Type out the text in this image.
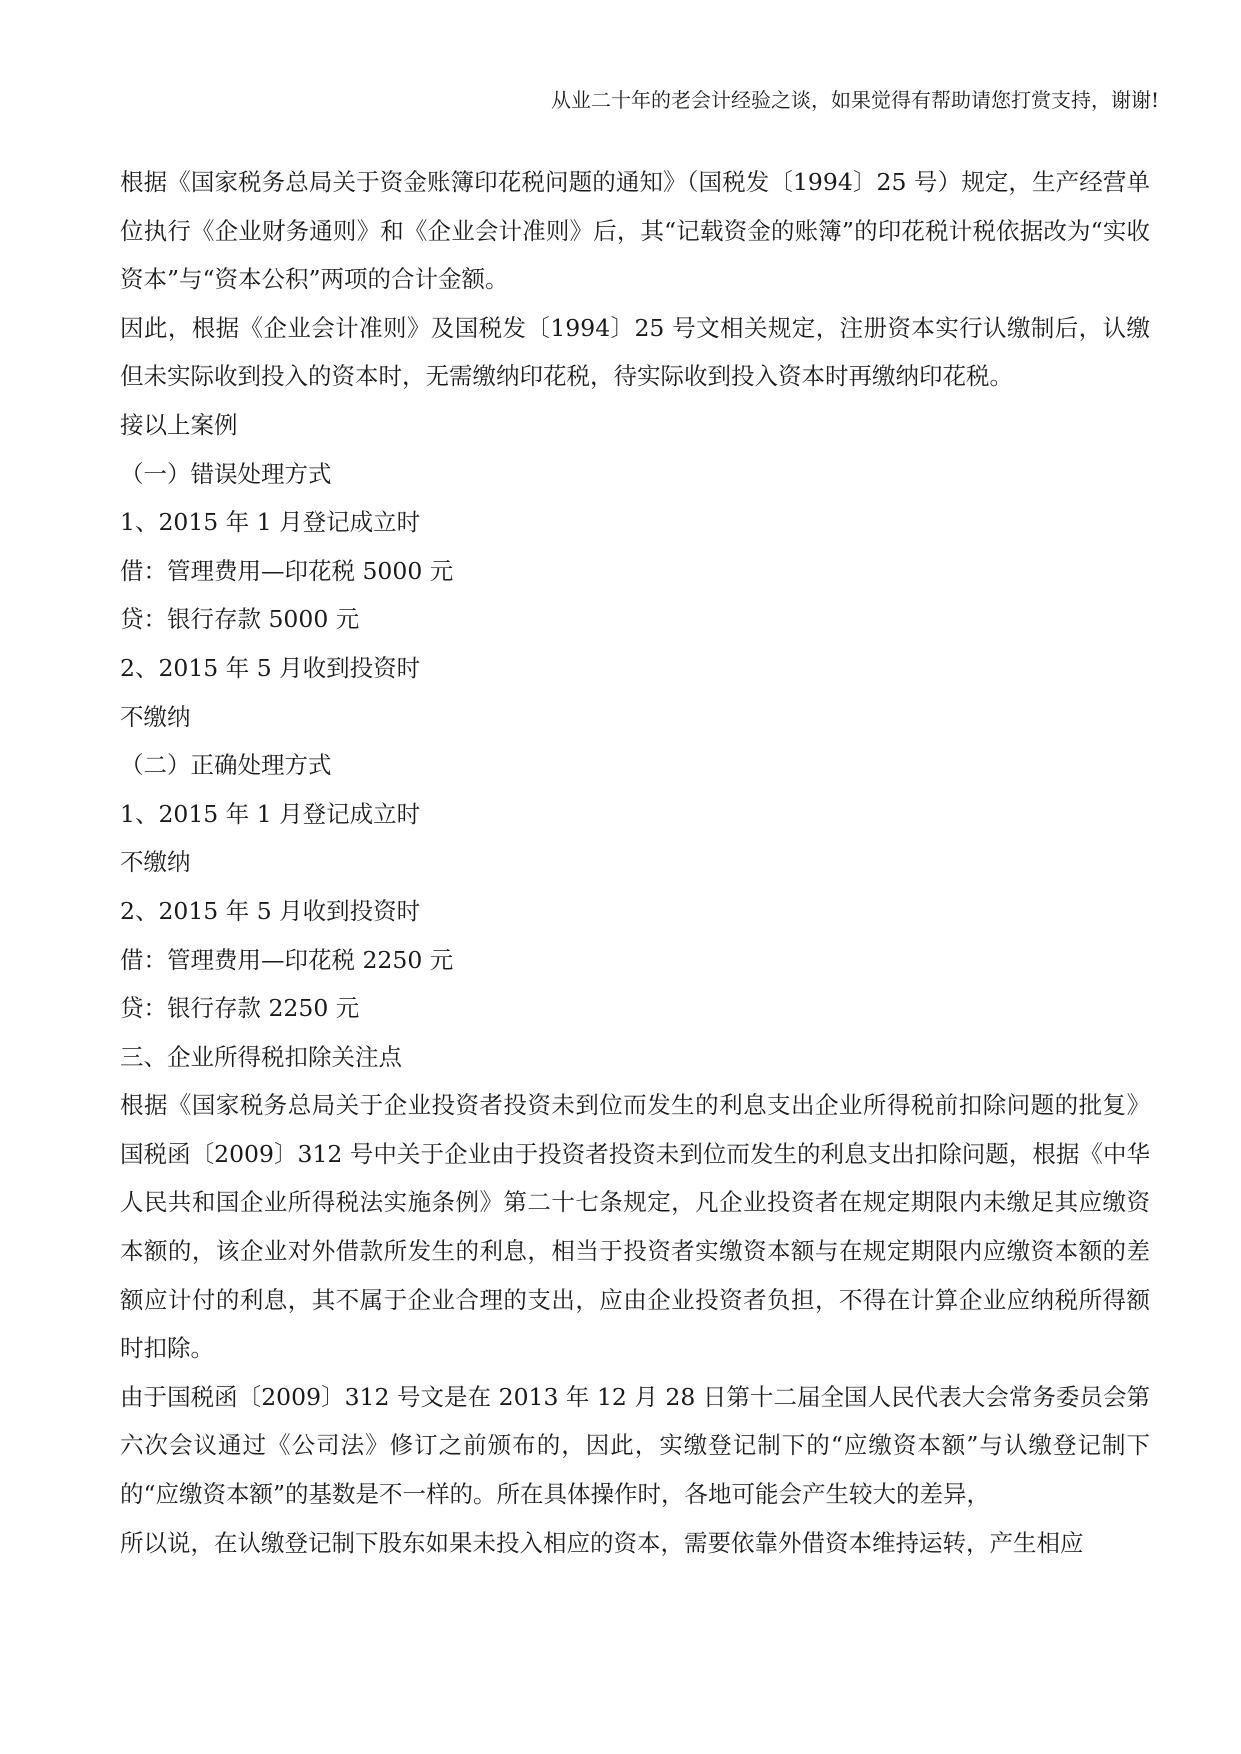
从业二十年的老会计经验之谈，如果觉得有帮助请您打赏支持，谢谢!

根据《国家税务总局关于资金账簿印花税问题的通知》（国税发〔1994〕25 号）规定，生产经营单位执行《企业财务通则》和《企业会计准则》后，其“记载资金的账簿”的印花税计税依据改为“实收资本”与“资本公积”两项的合计金额。

因此，根据《企业会计准则》及国税发〔1994〕25 号文相关规定，注册资本实行认缴制后，认缴但未实际收到投入的资本时，无需缴纳印花税，待实际收到投入资本时再缴纳印花税。

接以上案例

（一）错误处理方式

1、2015 年 1 月登记成立时

借：管理费用—印花税 5000 元

贷：银行存款 5000 元

2、2015 年 5 月收到投资时

不缴纳

（二）正确处理方式

1、2015 年 1 月登记成立时

不缴纳

2、2015 年 5 月收到投资时

借：管理费用—印花税 2250 元

贷：银行存款 2250 元

三、企业所得税扣除关注点

根据《国家税务总局关于企业投资者投资未到位而发生的利息支出企业所得税前扣除问题的批复》国税函〔2009〕312 号中关于企业由于投资者投资未到位而发生的利息支出扣除问题，根据《中华人民共和国企业所得税法实施条例》第二十七条规定，凡企业投资者在规定期限内未缴足其应缴资本额的，该企业对外借款所发生的利息，相当于投资者实缴资本额与在规定期限内应缴资本额的差额应计付的利息，其不属于企业合理的支出，应由企业投资者负担，不得在计算企业应纳税所得额时扣除。

由于国税函〔2009〕312 号文是在 2013 年 12 月 28 日第十二届全国人民代表大会常务委员会第六次会议通过《公司法》修订之前颁布的，因此，实缴登记制下的“应缴资本额”与认缴登记制下的“应缴资本额”的基数是不一样的。所在具体操作时，各地可能会产生较大的差异，

所以说，在认缴登记制下股东如果未投入相应的资本，需要依靠外借资本维持运转，产生相应
